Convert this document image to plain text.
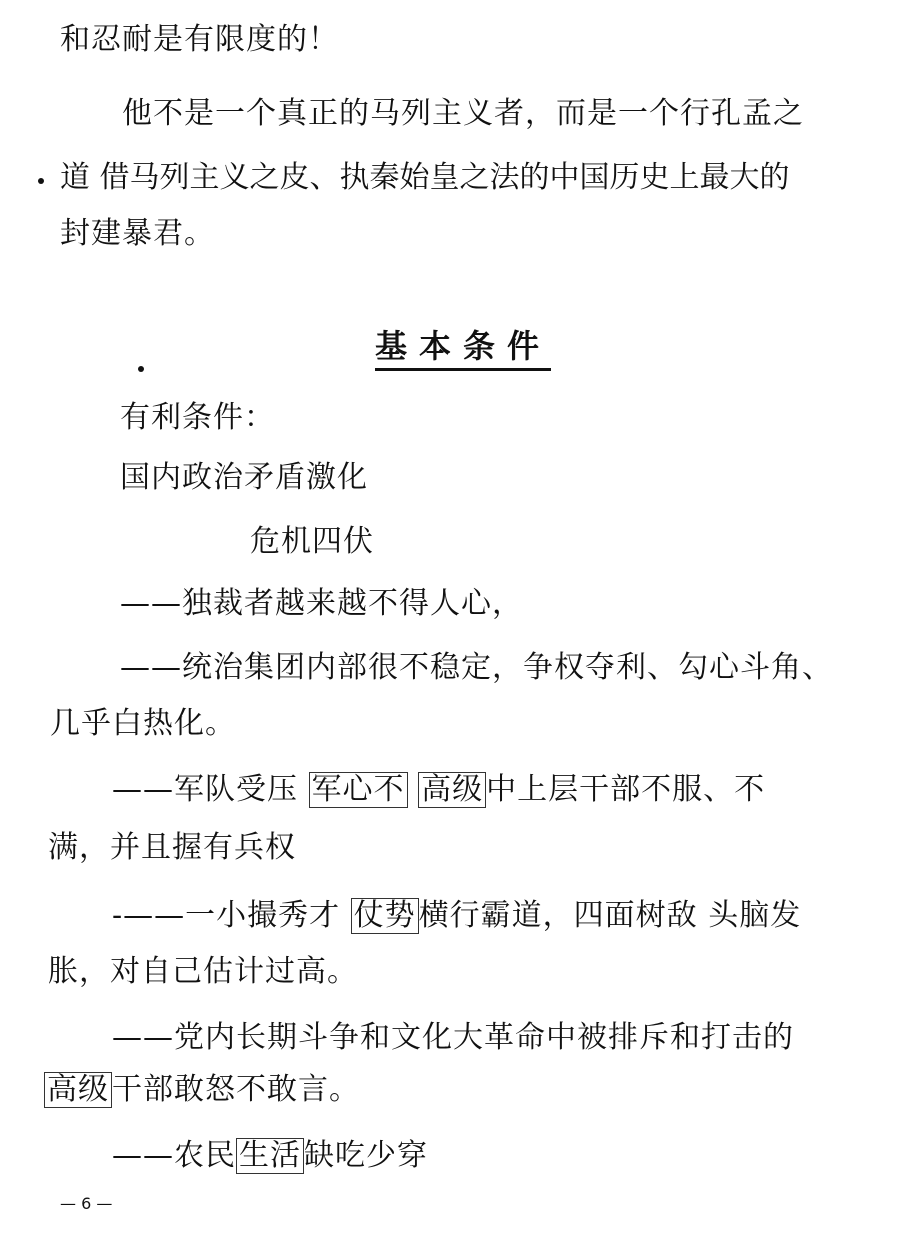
和忍耐是有限度的！
他不是一个真正的马列主义者，而是一个行孔孟之
道 借马列主义之皮、执秦始皇之法的中国历史上最大的
封建暴君。
基本条件
有利条件：
国内政治矛盾激化
危机四伏
——独裁者越来越不得人心，
——统治集团内部很不稳定，争权夺利、勾心斗角、
几乎白热化。
——军队受压 军心不 高级 中上层干部不服、不
满，并且握有兵权
-——一小撮秀才 仗势 横行霸道，四面树敌 头脑发
胀，对自己估计过高。
——党内长期斗争和文化大革命中被排斥和打击的
高级 干部敢怒不敢言。
——农民 生活 缺吃少穿
— 6 —
